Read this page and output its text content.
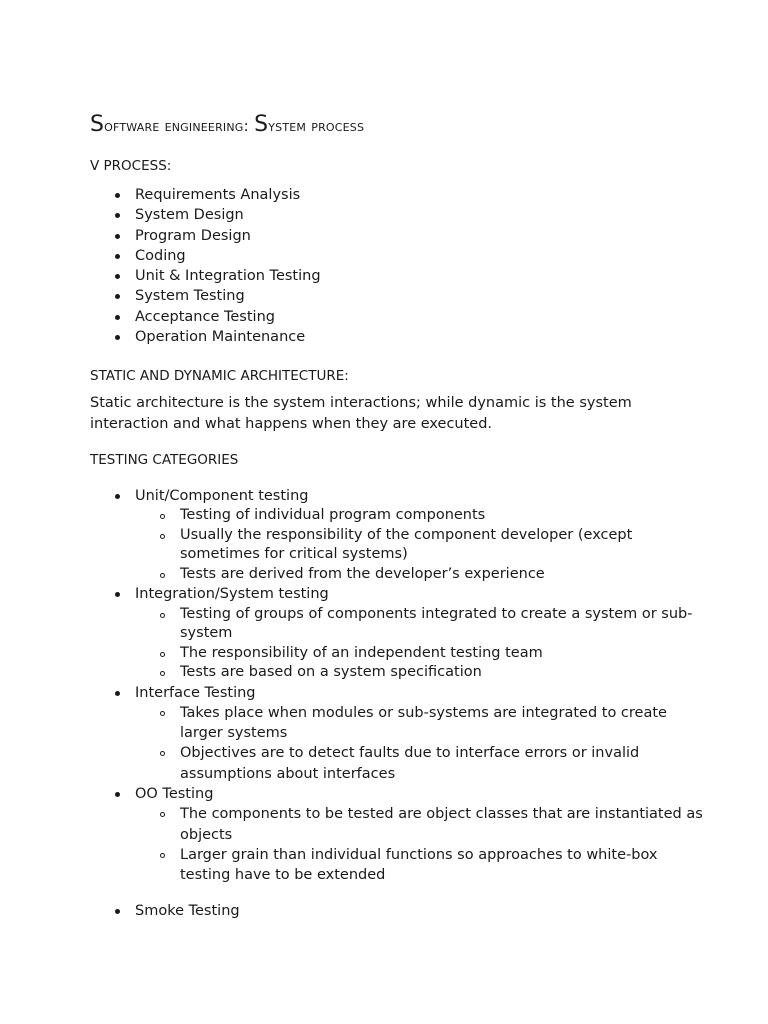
Software engineering: System process
V PROCESS:
Requirements Analysis
System Design
Program Design
Coding
Unit & Integration Testing
System Testing
Acceptance Testing
Operation Maintenance
STATIC AND DYNAMIC ARCHITECTURE:

Static architecture is the system interactions; while dynamic is the system interaction and what happens when they are executed.

TESTING CATEGORIES
Unit/Component testing
Testing of individual program components
Usually the responsibility of the component developer (except sometimes for critical systems)
Tests are derived from the developer’s experience
Integration/System testing
Testing of groups of components integrated to create a system or sub-system
The responsibility of an independent testing team
Tests are based on a system specification
Interface Testing
Takes place when modules or sub-systems are integrated to create larger systems
Objectives are to detect faults due to interface errors or invalid assumptions about interfaces
OO Testing
The components to be tested are object classes that are instantiated as objects
Larger grain than individual functions so approaches to white-box testing have to be extended
Smoke Testing
